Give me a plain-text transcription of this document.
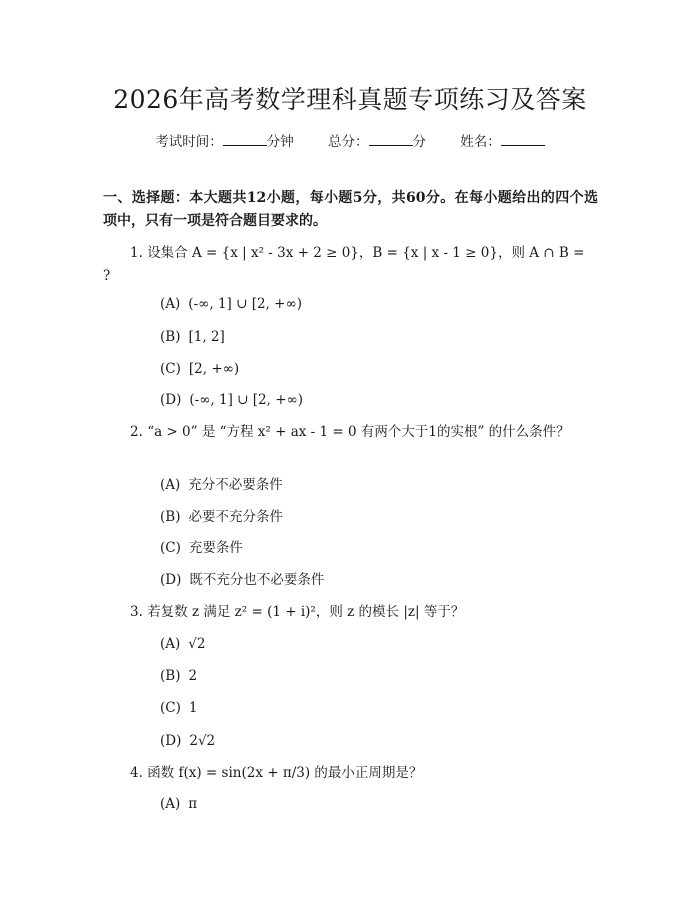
2026年高考数学理科真题专项练习及答案
考试时间：	分钟	总分：	分	姓名：
一、选择题：本大题共12小题，每小题5分，共60分。在每小题给出的四个选项中，只有一项是符合题目要求的。
1. 设集合 A = {x | x² - 3x + 2 ≥ 0}，B = {x | x - 1 ≥ 0}，则 A ∩ B = ?
(A) (-∞, 1] ∪ [2, +∞)
(B) [1, 2]
(C) [2, +∞)
(D) (-∞, 1] ∪ [2, +∞)
2. “a > 0” 是 “方程 x² + ax - 1 = 0 有两个大于1的实根” 的什么条件？
(A) 充分不必要条件
(B) 必要不充分条件
(C) 充要条件
(D) 既不充分也不必要条件
3. 若复数 z 满足 z² = (1 + i)²，则 z 的模长 |z| 等于？
(A) √2
(B) 2
(C) 1
(D) 2√2
4. 函数 f(x) = sin(2x + π/3) 的最小正周期是？
(A) π
